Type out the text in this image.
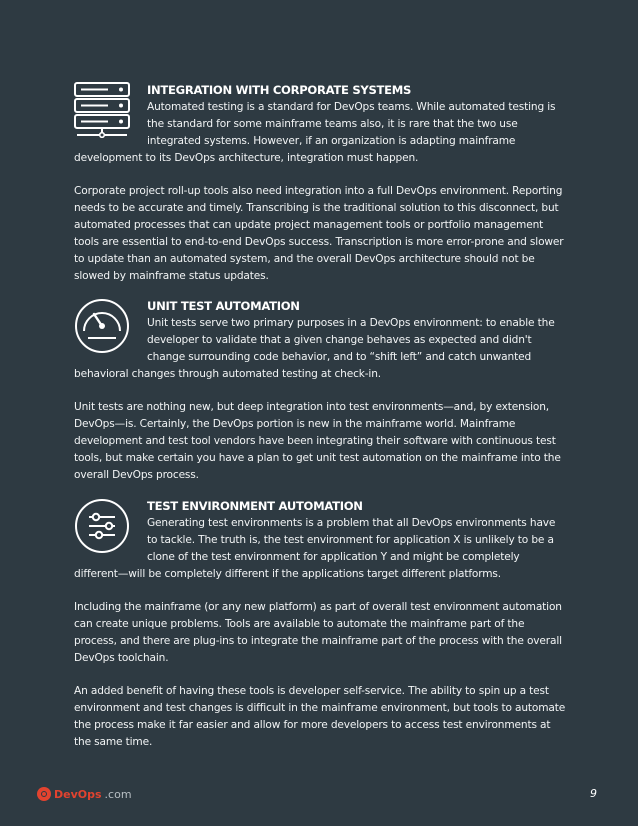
INTEGRATION WITH CORPORATE SYSTEMS

Automated testing is a standard for DevOps teams. While automated testing is the standard for some mainframe teams also, it is rare that the two use integrated systems. However, if an organization is adapting mainframe development to its DevOps architecture, integration must happen.

Corporate project roll-up tools also need integration into a full DevOps environment. Reporting needs to be accurate and timely. Transcribing is the traditional solution to this disconnect, but automated processes that can update project management tools or portfolio management tools are essential to end-to-end DevOps success. Transcription is more error-prone and slower to update than an automated system, and the overall DevOps architecture should not be slowed by mainframe status updates.

UNIT TEST AUTOMATION

Unit tests serve two primary purposes in a DevOps environment: to enable the developer to validate that a given change behaves as expected and didn't change surrounding code behavior, and to “shift left” and catch unwanted behavioral changes through automated testing at check-in.

Unit tests are nothing new, but deep integration into test environments—and, by extension, DevOps—is. Certainly, the DevOps portion is new in the mainframe world. Mainframe development and test tool vendors have been integrating their software with continuous test tools, but make certain you have a plan to get unit test automation on the mainframe into the overall DevOps process.

TEST ENVIRONMENT AUTOMATION

Generating test environments is a problem that all DevOps environments have to tackle. The truth is, the test environment for application X is unlikely to be a clone of the test environment for application Y and might be completely different—will be completely different if the applications target different platforms.

Including the mainframe (or any new platform) as part of overall test environment automation can create unique problems. Tools are available to automate the mainframe part of the process, and there are plug-ins to integrate the mainframe part of the process with the overall DevOps toolchain.

An added benefit of having these tools is developer self-service. The ability to spin up a test environment and test changes is difficult in the mainframe environment, but tools to automate the process make it far easier and allow for more developers to access test environments at the same time.

DevOps .com	9
